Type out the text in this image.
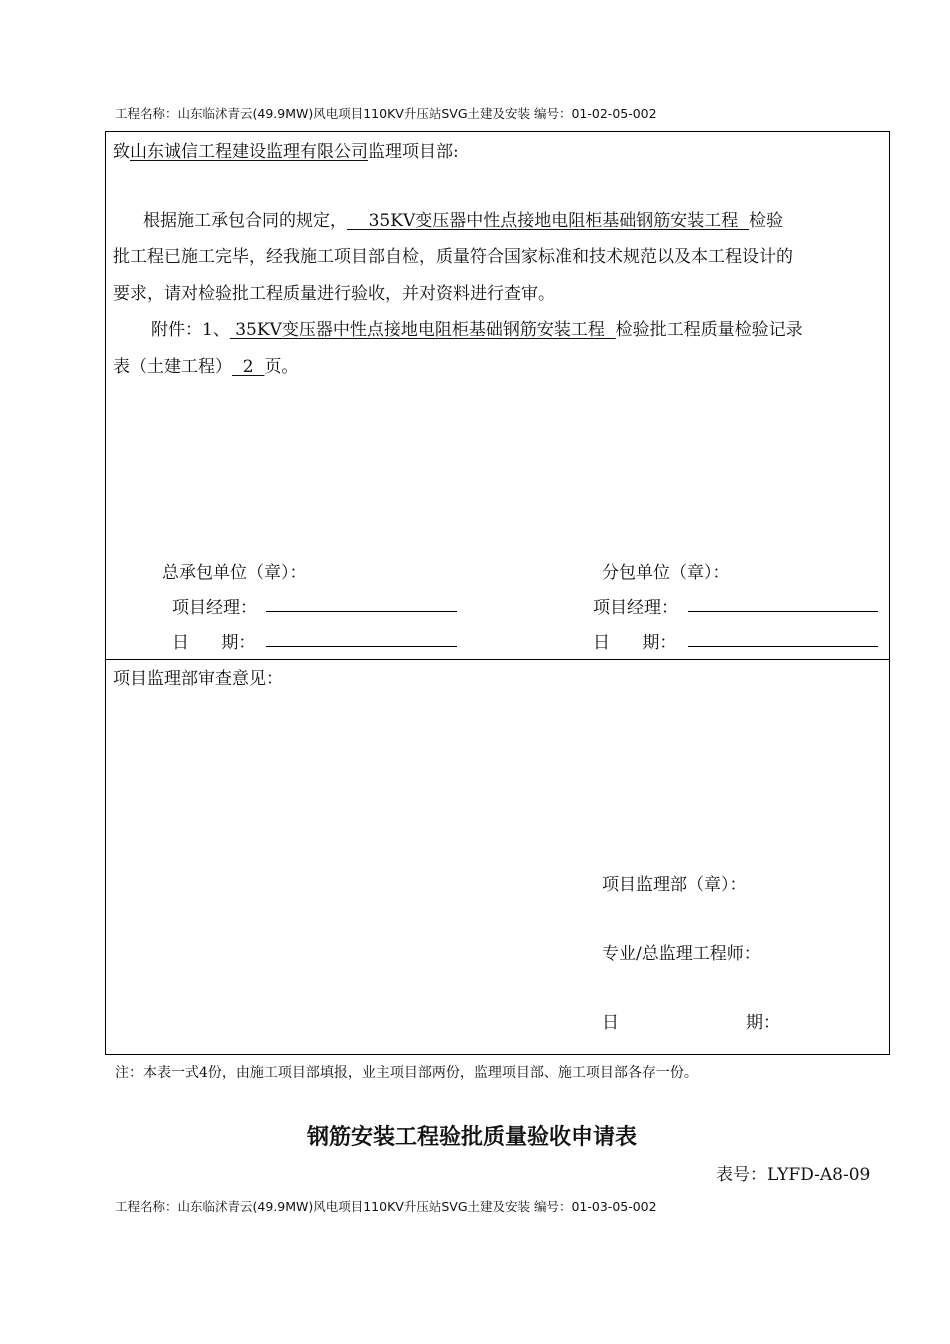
工程名称：山东临沭青云(49.9MW)风电项目110KV升压站SVG土建及安装 编号：01-02-05-002
致山东诚信工程建设监理有限公司监理项目部:
根据施工承包合同的规定，    35KV变压器中性点接地电阻柜基础钢筋安装工程  检验
批工程已施工完毕，经我施工项目部自检，质量符合国家标准和技术规范以及本工程设计的
要求，请对检验批工程质量进行验收，并对资料进行查审。
附件：1、 35KV变压器中性点接地电阻柜基础钢筋安装工程  检验批工程质量检验记录
表（土建工程）  2  页。
总承包单位（章）：	分包单位（章）：
项目经理：	项目经理：
日      期：	日      期：
项目监理部审查意见：
项目监理部（章）：
专业/总监理工程师：
日	期：
注：本表一式4份，由施工项目部填报，业主项目部两份，监理项目部、施工项目部各存一份。
钢筋安装工程验批质量验收申请表
表号：LYFD-A8-09
工程名称：山东临沭青云(49.9MW)风电项目110KV升压站SVG土建及安装 编号：01-03-05-002
